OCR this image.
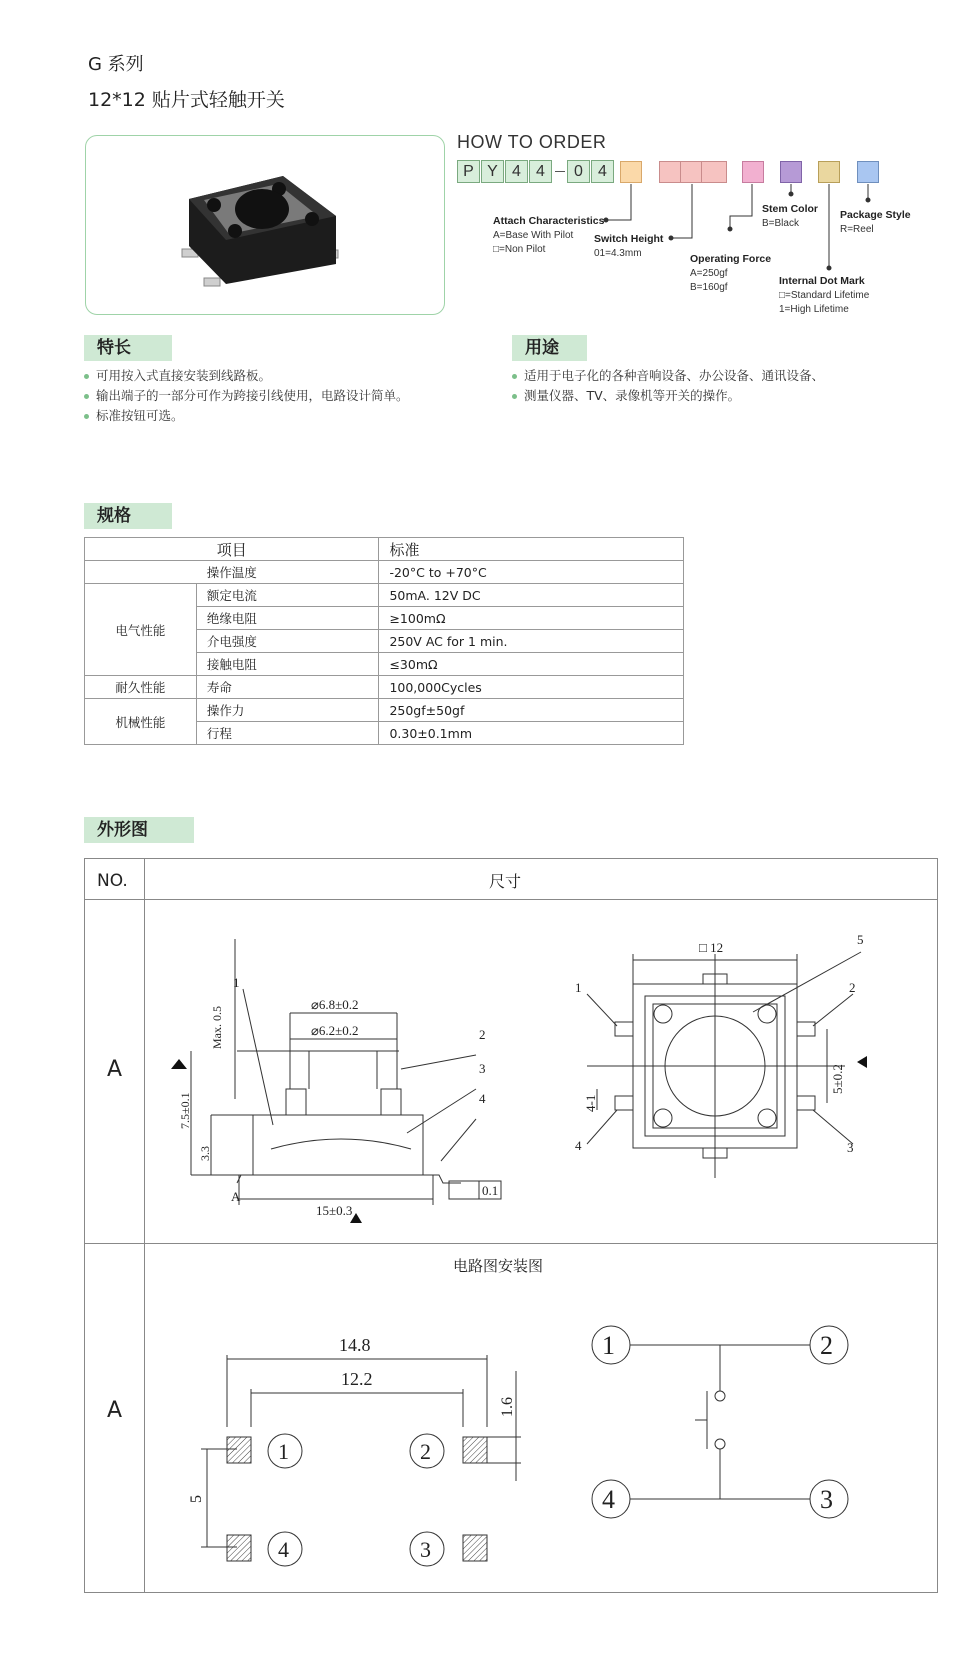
G 系列
12*12 贴片式轻触开关
HOW TO ORDER
P Y 4 4	0 4
Attach Characteristics
A=Base With Pilot
□=Non Pilot
Switch Height
01=4.3mm	Operating Force
A=250gf
B=160gf
Stem Color
B=Black
Package Style
R=Reel
Internal Dot Mark
□=Standard Lifetime
1=High Lifetime
特长
可用按入式直接安装到线路板。
输出端子的一部分可作为跨接引线使用，电路设计简单。
标准按钮可选。
用途
适用于电子化的各种音响设备、办公设备、通讯设备、
测量仪器、TV、录像机等开关的操作。
规格
项目		标准
操作温度		-20°C to +70°C
电气性能	额定电流	50mA. 12V DC
	绝缘电阻	≥100mΩ
	介电强度	250V AC for 1 min.
	接触电阻	≤30mΩ
耐久性能	寿命	100,000Cycles
机械性能	操作力	250gf±50gf
	行程	0.30±0.1mm
外形图
NO.	尺寸
A
A
电路图安装图
1
⌀6.8±0.2
⌀6.2±0.2	2
3
4
15±0.3
0.1
A
7.5±0.1
3.3
Max. 0.5
□ 12
5
1	2
4	3
5±0.2
4-1
14.8
12.2
1.6
5
1	2
4	3
1	2
4	3
